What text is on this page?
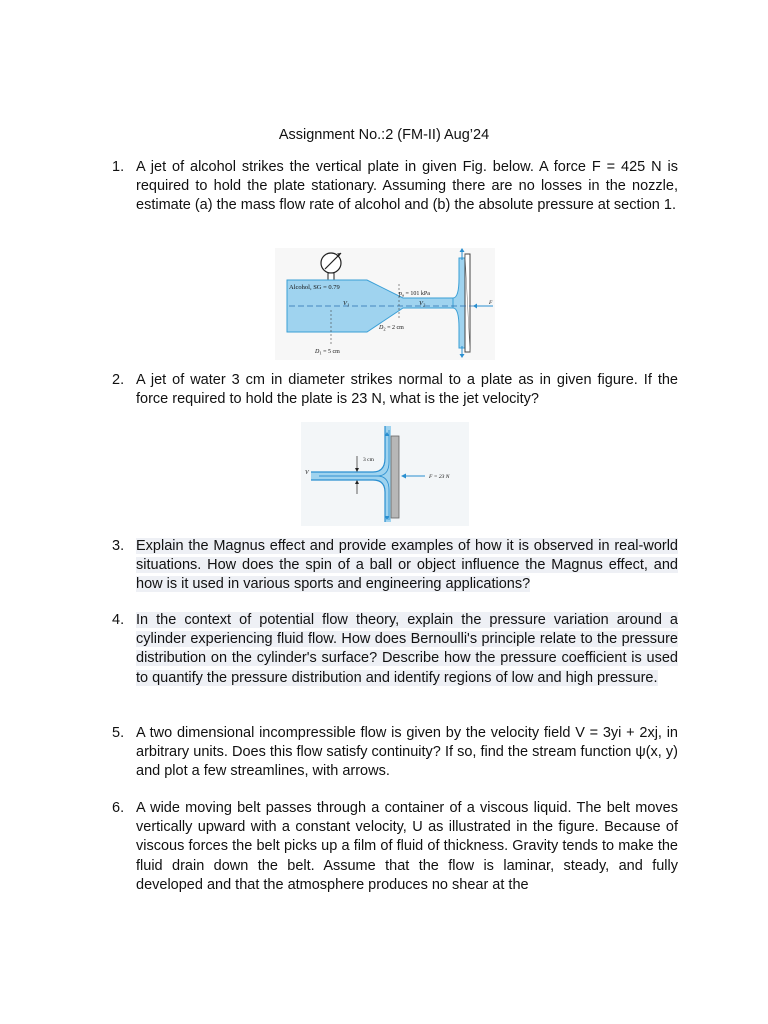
Assignment No.:2 (FM-II) Aug’24
1. A jet of alcohol strikes the vertical plate in given Fig. below. A force F = 425 N is required to hold the plate stationary. Assuming there are no losses in the nozzle, estimate (a) the mass flow rate of alcohol and (b) the absolute pressure at section 1.
Alcohol, SG = 0.79
$p_a = 101$ kPa
$V_1$	$V_2$	F
$D_2 = 2$ cm
$D_1 = 5$ cm
2. A jet of water 3 cm in diameter strikes normal to a plate as in given figure. If the force required to hold the plate is 23 N, what is the jet velocity?
V
3 cm
F = 23 N
3. Explain the Magnus effect and provide examples of how it is observed in real-world situations. How does the spin of a ball or object influence the Magnus effect, and how is it used in various sports and engineering applications?
4. In the context of potential flow theory, explain the pressure variation around a cylinder experiencing fluid flow. How does Bernoulli's principle relate to the pressure distribution on the cylinder's surface? Describe how the pressure coefficient is used to quantify the pressure distribution and identify regions of low and high pressure.
5. A two dimensional incompressible flow is given by the velocity field V = 3yi + 2xj, in arbitrary units. Does this flow satisfy continuity? If so, find the stream function ψ(x, y) and plot a few streamlines, with arrows.
6. A wide moving belt passes through a container of a viscous liquid. The belt moves vertically upward with a constant velocity, U as illustrated in the figure. Because of viscous forces the belt picks up a film of fluid of thickness. Gravity tends to make the fluid drain down the belt. Assume that the flow is laminar, steady, and fully developed and that the atmosphere produces no shear at the
